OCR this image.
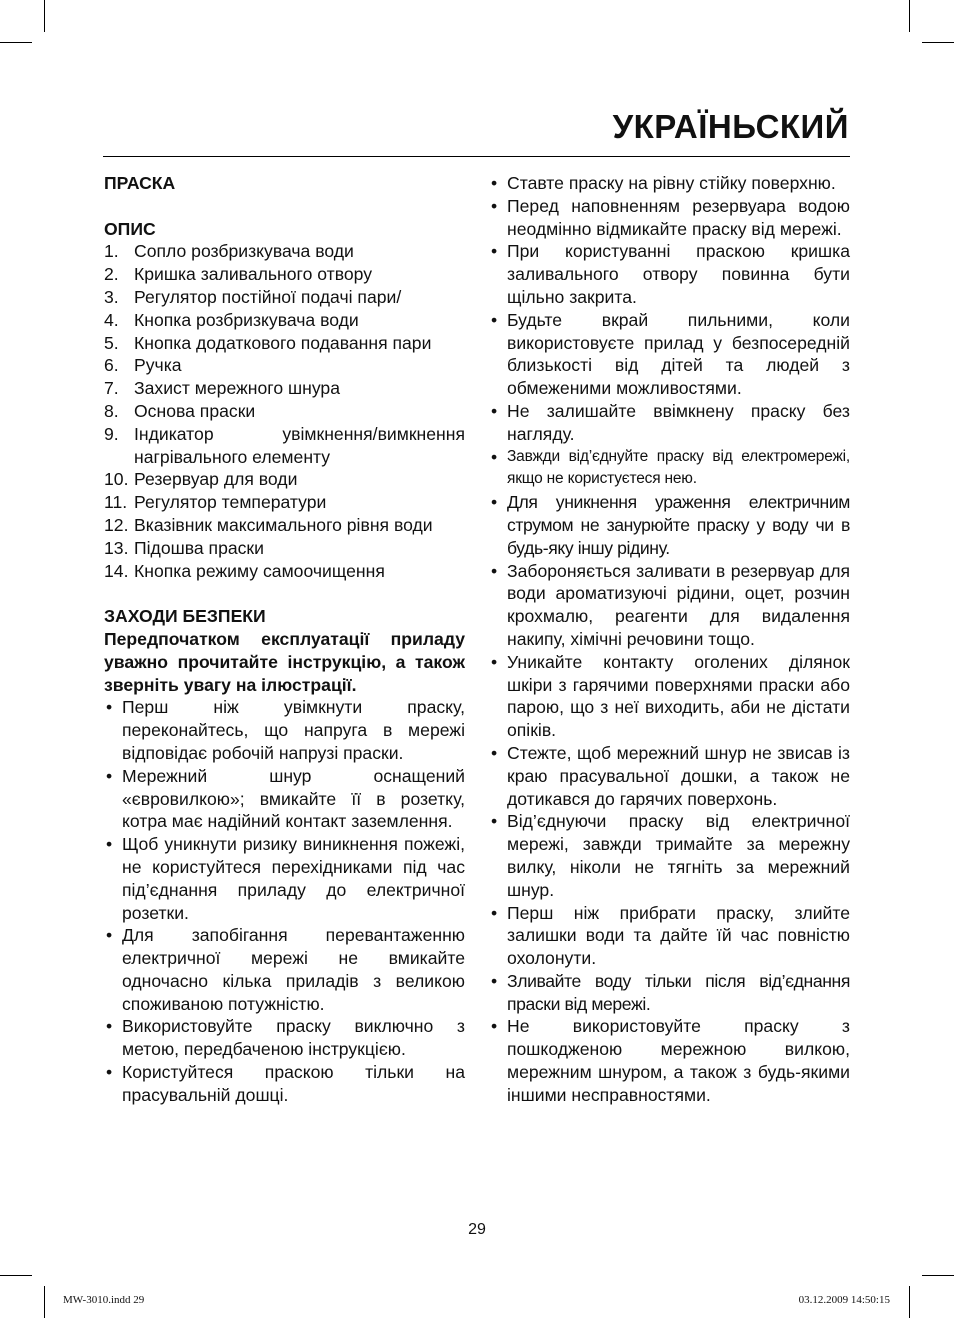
УКРАЇНЬСКИЙ

ПРАСКА

ОПИС

1. Сопло розбризкувача води
2. Кришка заливального отвору
3. Регулятор постійної подачі пари/
4. Кнопка розбризкувача води
5. Кнопка додаткового подавання пари
6. Ручка
7. Захист мережного шнура
8. Основа праски
9. Індикатор увімкнення/вимкнення нагрівального елементу
10. Резервуар для води
11. Регулятор температури
12. Вказівник максимального рівня води
13. Підошва праски
14. Кнопка режиму самоочищення

ЗАХОДИ БЕЗПЕКИ

Передпочатком експлуатації приладу уважно прочитайте інструкцію, а також зверніть увагу на ілюстрації.

• Перш ніж увімкнути праску, переконайтесь, що напруга в мережі відповідає робочій напрузі праски.
• Мережний шнур оснащений «євровилкою»; вмикайте її в розетку, котра має надійний контакт заземлення.
• Щоб уникнути ризику виникнення пожежі, не користуйтеся перехідниками під час під’єднання приладу до електричної розетки.
• Для запобігання перевантаженню електричної мережі не вмикайте одночасно кілька приладів з великою споживаною потужністю.
• Використовуйте праску виключно з метою, передбаченою інструкцією.
• Користуйтеся праскою тільки на прасувальній дошці.
• Ставте праску на рівну стійку поверхню.
• Перед наповненням резервуара водою неодмінно відмикайте праску від мережі.
• При користуванні праскою кришка заливального отвору повинна бути щільно закрита.
• Будьте вкрай пильними, коли використовуєте прилад у безпосередній близькості від дітей та людей з обмеженими можливостями.
• Не залишайте ввімкнену праску без нагляду.
• Завжди від’єднуйте праску від електромережі, якщо не користуєтеся нею.
• Для уникнення ураження електричним струмом не занурюйте праску у воду чи в будь-яку іншу рідину.
• Забороняється заливати в резервуар для води ароматизуючі рідини, оцет, розчин крохмалю, реагенти для видалення накипу, хімічні речовини тощо.
• Уникайте контакту оголених ділянок шкіри з гарячими поверхнями праски або парою, що з неї виходить, аби не дістати опіків.
• Стежте, щоб мережний шнур не звисав із краю прасувальної дошки, а також не дотикався до гарячих поверхонь.
• Від’єднуючи праску від електричної мережі, завжди тримайте за мережну вилку, ніколи не тягніть за мережний шнур.
• Перш ніж прибрати праску, злийте залишки води та дайте їй час повністю охолонути.
• Зливайте воду тільки після від’єднання праски від мережі.
• Не використовуйте праску з пошкодженою мережною вилкою, мережним шнуром, а також з будь-якими іншими несправностями.

29

MW-3010.indd 29	03.12.2009 14:50:15
